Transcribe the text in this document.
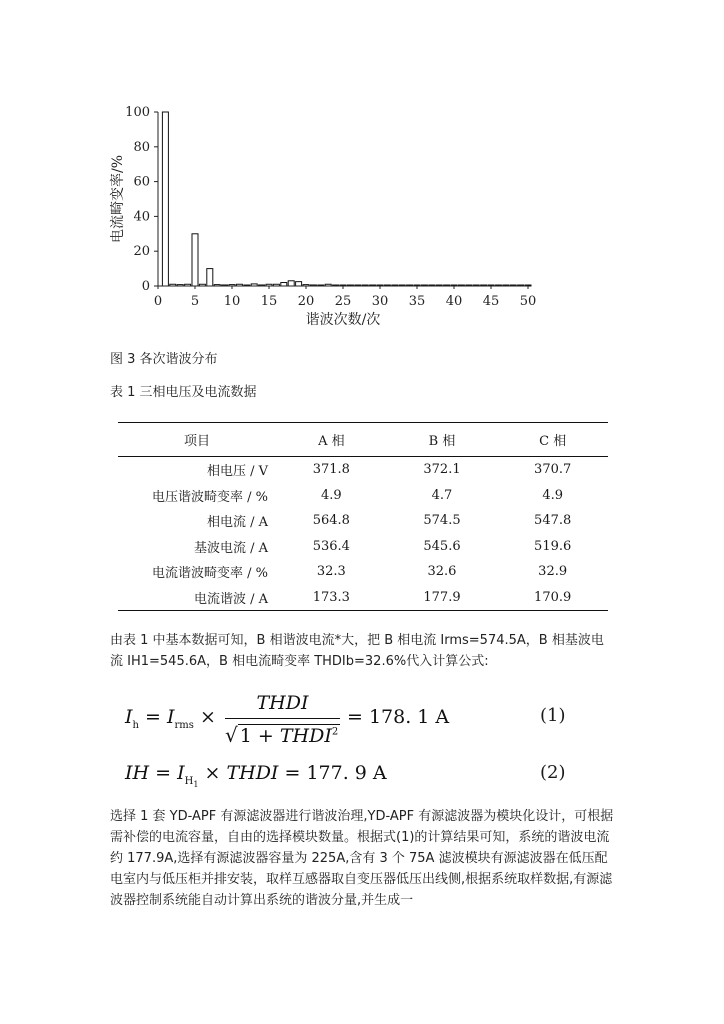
0
20
40
60
80
100
0 5 10 15 20 25 30 35 40 45 50
电流畸变率/%
谐波次数/次
图 3 各次谐波分布
表 1 三相电压及电流数据
项目	A 相	B 相	C 相
相电压 / V	371.8	372.1	370.7
电压谐波畸变率 / %	4.9	4.7	4.9
相电流 / A	564.8	574.5	547.8
基波电流 / A	536.4	545.6	519.6
电流谐波畸变率 / %	32.3	32.6	32.9
电流谐波 / A	173.3	177.9	170.9
由表 1 中基本数据可知，B 相谐波电流*大，把 B 相电流 Irms=574.5A，B 相基波电流 IH1=545.6A，B 相电流畸变率 THDIb=32.6%代入计算公式:
$I_h = I_{rms}$ ×
THDI
√ $1 + THDI^2$
= 178. 1 A	(1)
IH = $I_{H_1}$ × THDI = 177. 9 A	(2)
选择 1 套 YD-APF 有源滤波器进行谐波治理,YD-APF 有源滤波器为模块化设计，可根据需补偿的电流容量，自由的选择模块数量。根据式(1)的计算结果可知，系统的谐波电流约 177.9A,选择有源滤波器容量为 225A,含有 3 个 75A 滤波模块有源滤波器在低压配电室内与低压柜并排安装，取样互感器取自变压器低压出线侧,根据系统取样数据,有源滤波器控制系统能自动计算出系统的谐波分量,并生成一
